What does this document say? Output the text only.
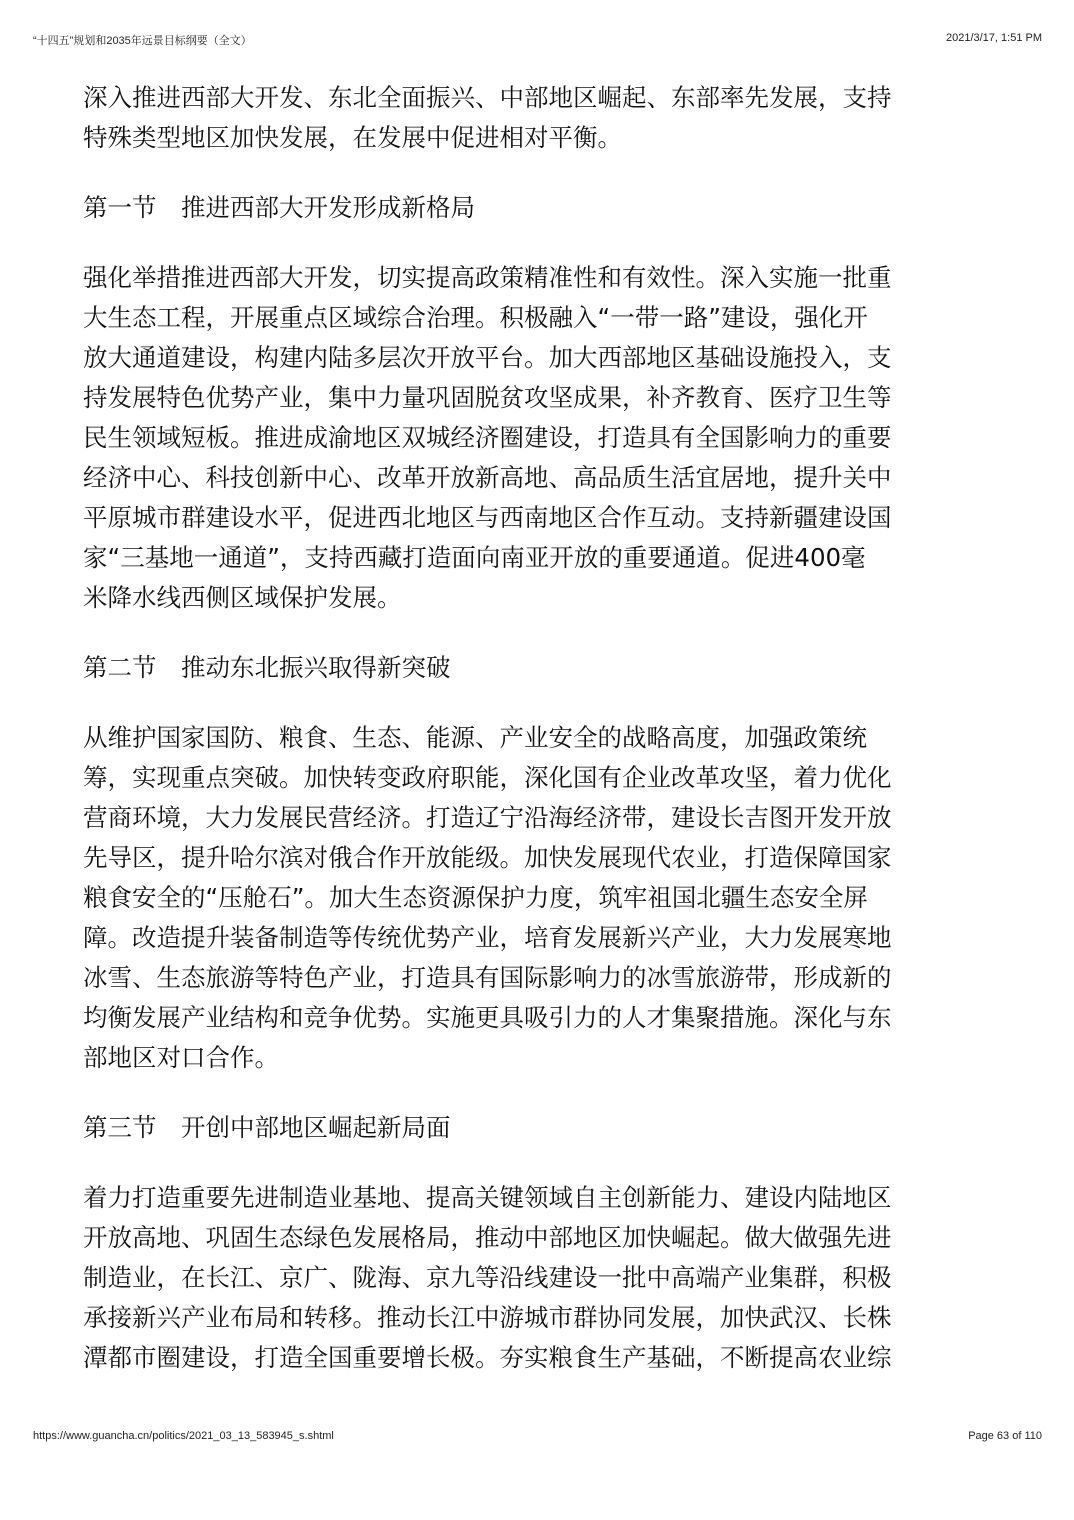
“十四五”规划和2035年远景目标纲要（全文）	2021/3/17, 1:51 PM
深入推进西部大开发、东北全面振兴、中部地区崛起、东部率先发展，支持
特殊类型地区加快发展，在发展中促进相对平衡。
第一节　推进西部大开发形成新格局
强化举措推进西部大开发，切实提高政策精准性和有效性。深入实施一批重
大生态工程，开展重点区域综合治理。积极融入“一带一路”建设，强化开
放大通道建设，构建内陆多层次开放平台。加大西部地区基础设施投入，支
持发展特色优势产业，集中力量巩固脱贫攻坚成果，补齐教育、医疗卫生等
民生领域短板。推进成渝地区双城经济圈建设，打造具有全国影响力的重要
经济中心、科技创新中心、改革开放新高地、高品质生活宜居地，提升关中
平原城市群建设水平，促进西北地区与西南地区合作互动。支持新疆建设国
家“三基地一通道”，支持西藏打造面向南亚开放的重要通道。促进400毫
米降水线西侧区域保护发展。
第二节　推动东北振兴取得新突破
从维护国家国防、粮食、生态、能源、产业安全的战略高度，加强政策统
筹，实现重点突破。加快转变政府职能，深化国有企业改革攻坚，着力优化
营商环境，大力发展民营经济。打造辽宁沿海经济带，建设长吉图开发开放
先导区，提升哈尔滨对俄合作开放能级。加快发展现代农业，打造保障国家
粮食安全的“压舱石”。加大生态资源保护力度，筑牢祖国北疆生态安全屏
障。改造提升装备制造等传统优势产业，培育发展新兴产业，大力发展寒地
冰雪、生态旅游等特色产业，打造具有国际影响力的冰雪旅游带，形成新的
均衡发展产业结构和竞争优势。实施更具吸引力的人才集聚措施。深化与东
部地区对口合作。
第三节　开创中部地区崛起新局面
着力打造重要先进制造业基地、提高关键领域自主创新能力、建设内陆地区
开放高地、巩固生态绿色发展格局，推动中部地区加快崛起。做大做强先进
制造业，在长江、京广、陇海、京九等沿线建设一批中高端产业集群，积极
承接新兴产业布局和转移。推动长江中游城市群协同发展，加快武汉、长株
潭都市圈建设，打造全国重要增长极。夯实粮食生产基础，不断提高农业综
https://www.guancha.cn/politics/2021_03_13_583945_s.shtml	Page 63 of 110
